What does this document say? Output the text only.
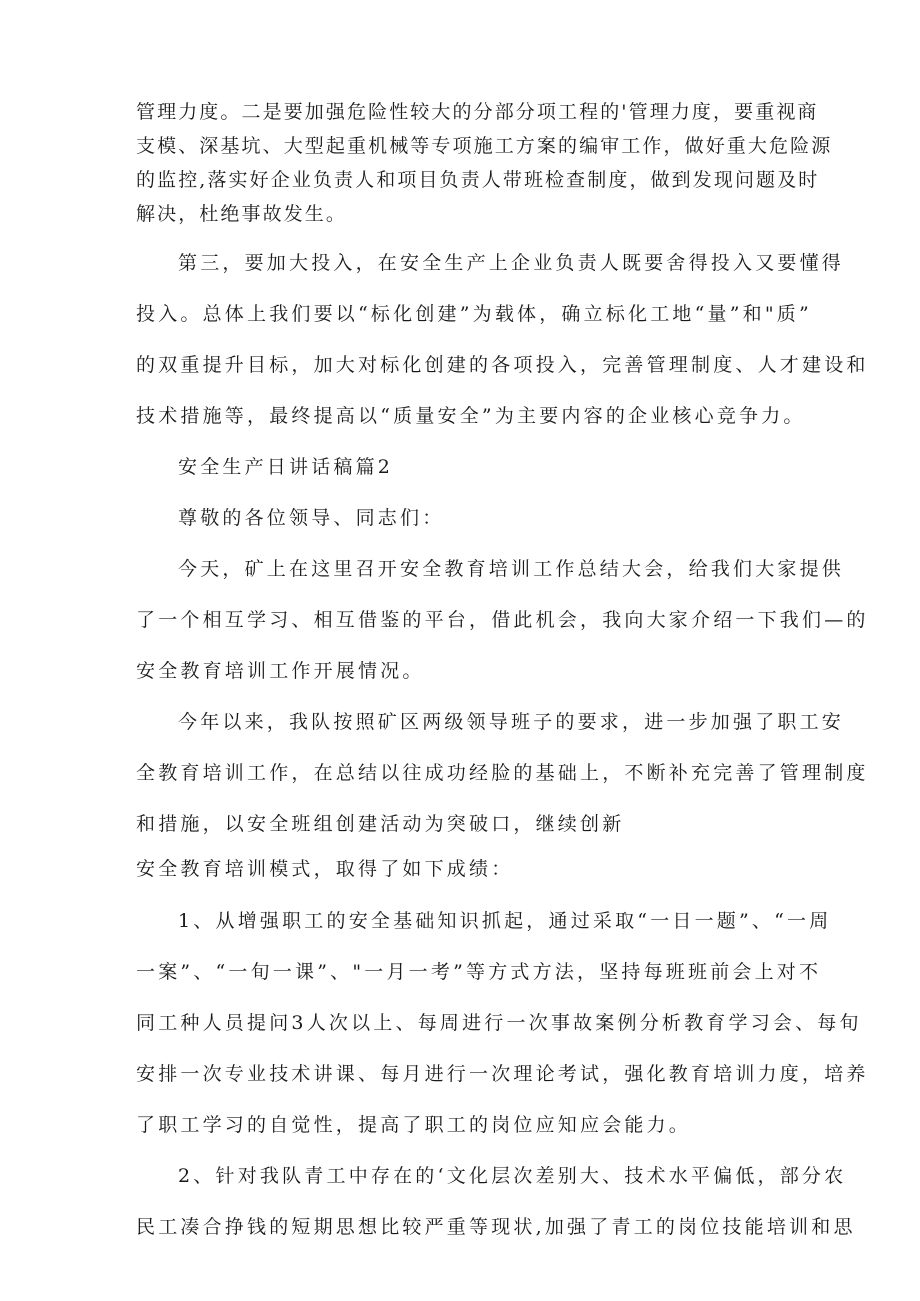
管理力度。二是要加强危险性较大的分部分项工程的'管理力度，要重视商
支模、深基坑、大型起重机械等专项施工方案的编审工作，做好重大危险源
的监控,落实好企业负责人和项目负责人带班检查制度，做到发现问题及时
解决，杜绝事故发生。
第三，要加大投入，在安全生产上企业负责人既要舍得投入又要懂得
投入。总体上我们要以“标化创建”为载体，确立标化工地“量”和"质”
的双重提升目标，加大对标化创建的各项投入，完善管理制度、人才建设和
技术措施等，最终提高以“质量安全”为主要内容的企业核心竞争力。
安全生产日讲话稿篇2
尊敬的各位领导、同志们：
今天，矿上在这里召开安全教育培训工作总结大会，给我们大家提供
了一个相互学习、相互借鉴的平台，借此机会，我向大家介绍一下我们—的
安全教育培训工作开展情况。
今年以来，我队按照矿区两级领导班子的要求，进一步加强了职工安
全教育培训工作，在总结以往成功经脸的基础上，不断补充完善了管理制度
和措施，以安全班组创建活动为突破口，继续创新
安全教育培训模式，取得了如下成绩：
1、从增强职工的安全基础知识抓起，通过采取“一日一题”、“一周
一案”、“一旬一课”、"一月一考”等方式方法，坚持每班班前会上对不
同工种人员提问3人次以上、每周进行一次事故案例分析教育学习会、每旬
安排一次专业技术讲课、每月进行一次理论考试，强化教育培训力度，培养
了职工学习的自觉性，提高了职工的岗位应知应会能力。
2、针对我队青工中存在的‘文化层次差别大、技术水平偏低，部分农
民工凑合挣钱的短期思想比较严重等现状,加强了青工的岗位技能培训和思
